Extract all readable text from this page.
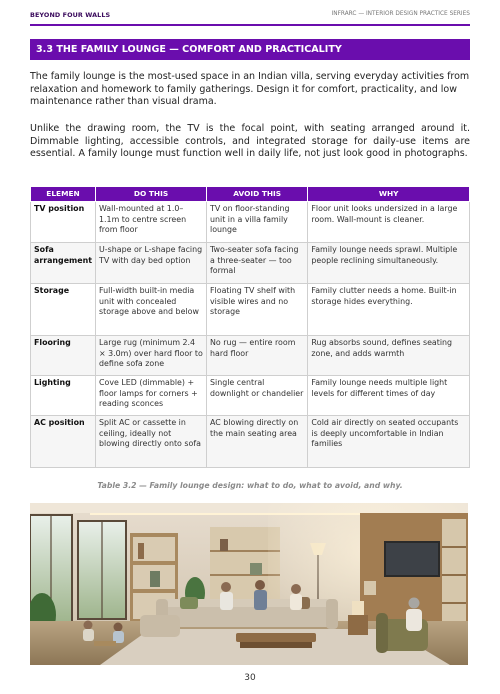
BEYOND FOUR WALLS	INFRARC — INTERIOR DESIGN PRACTICE SERIES
3.3 THE FAMILY LOUNGE — COMFORT AND PRACTICALITY

The family lounge is the most-used space in an Indian villa, serving everyday activities from relaxation and homework to family gatherings. Design it for comfort, practicality, and low maintenance rather than visual drama.

Unlike the drawing room, the TV is the focal point, with seating arranged around it. Dimmable lighting, accessible controls, and integrated storage for daily-use items are essential. A family lounge must function well in daily life, not just look good in photographs.

ELEMEN	DO THIS	AVOID THIS	WHY
TV position	Wall-mounted at 1.0–1.1m to centre screen from floor	TV on floor-standing unit in a villa family lounge	Floor unit looks undersized in a large room. Wall-mount is cleaner.
Sofa arrangement	U-shape or L-shape facing TV with day bed option	Two-seater sofa facing a three-seater — too formal	Family lounge needs sprawl. Multiple people reclining simultaneously.
Storage	Full-width built-in media unit with concealed storage above and below	Floating TV shelf with visible wires and no storage	Family clutter needs a home. Built-in storage hides everything.
Flooring	Large rug (minimum 2.4 × 3.0m) over hard floor to define sofa zone	No rug — entire room hard floor	Rug absorbs sound, defines seating zone, and adds warmth
Lighting	Cove LED (dimmable) + floor lamps for corners + reading sconces	Single central downlight or chandelier	Family lounge needs multiple light levels for different times of day
AC position	Split AC or cassette in ceiling, ideally not blowing directly onto sofa	AC blowing directly on the main seating area	Cold air directly on seated occupants is deeply uncomfortable in Indian families
Table 3.2 — Family lounge design: what to do, what to avoid, and why.
30
